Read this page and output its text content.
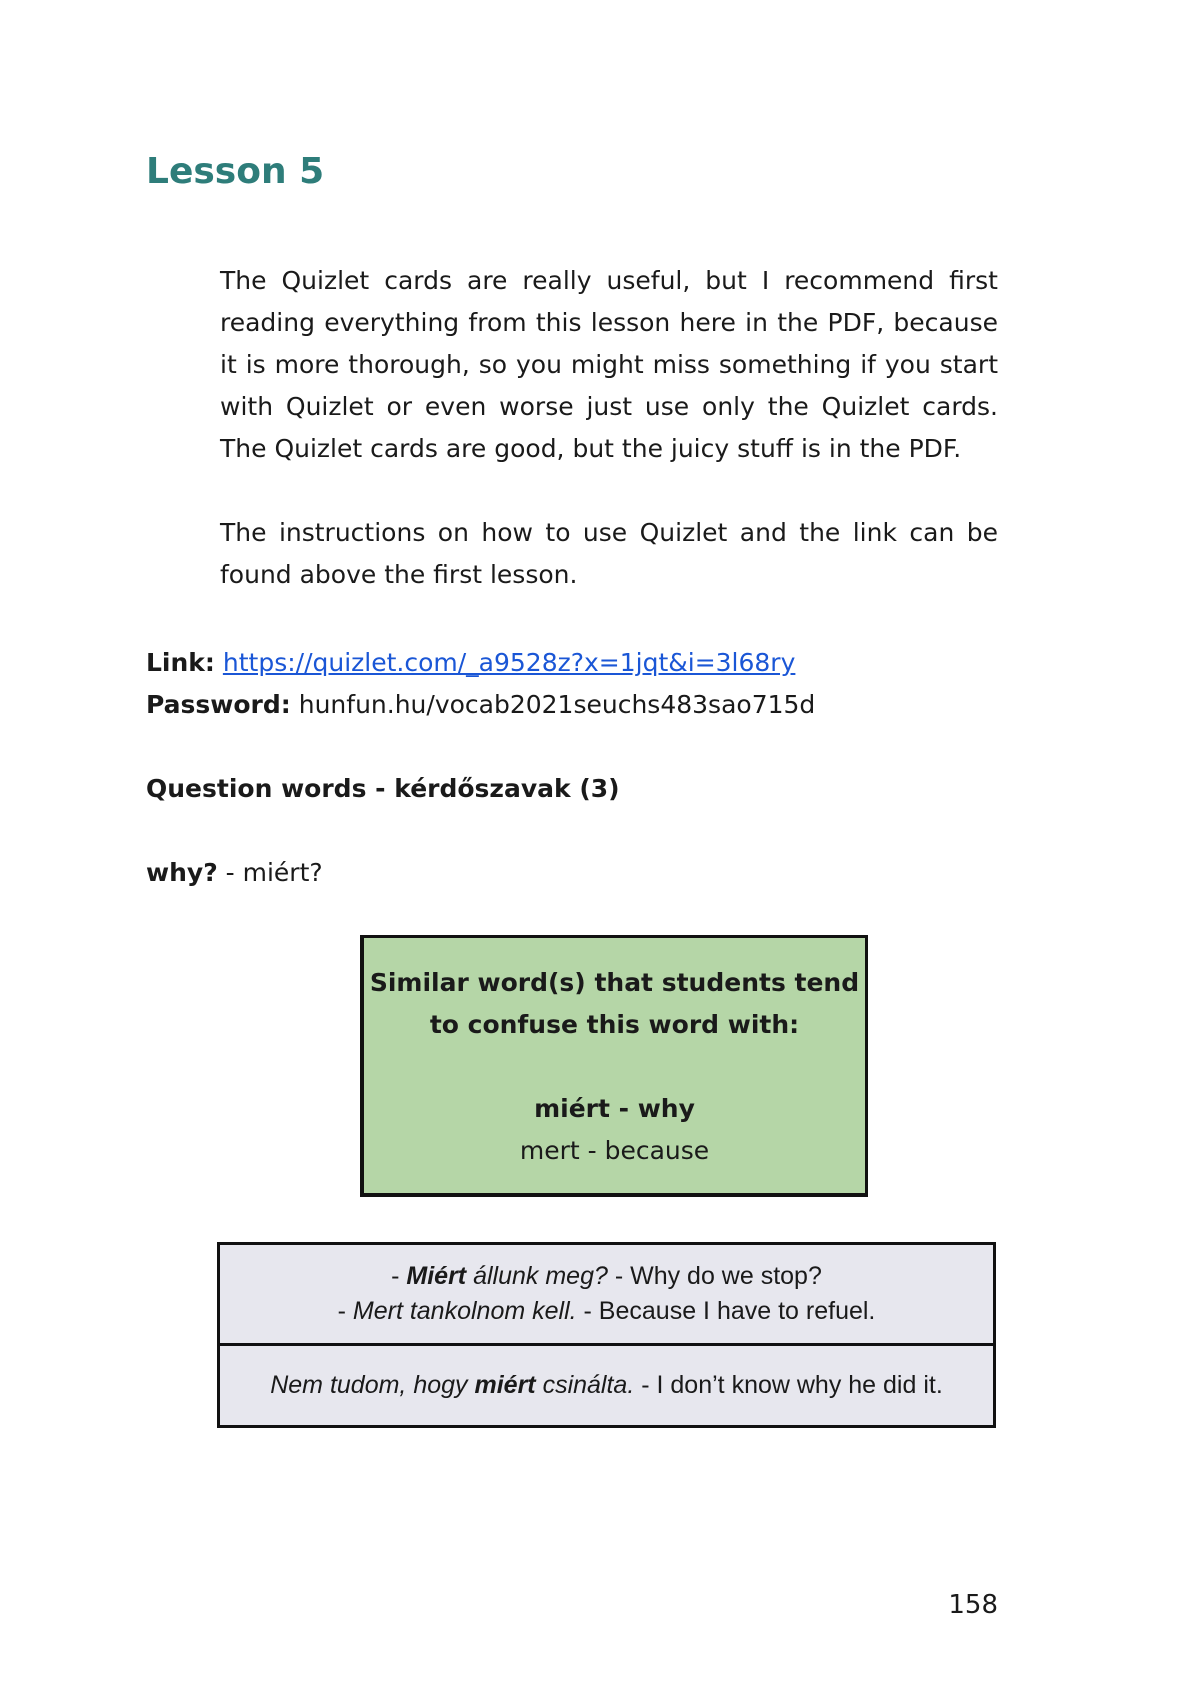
Lesson 5

The Quizlet cards are really useful, but I recommend first reading everything from this lesson here in the PDF, because it is more thorough, so you might miss something if you start with Quizlet or even worse just use only the Quizlet cards. The Quizlet cards are good, but the juicy stuff is in the PDF.

The instructions on how to use Quizlet and the link can be found above the first lesson.

Link: https://quizlet.com/_a9528z?x=1jqt&i=3l68ry

Password: hunfun.hu/vocab2021seuchs483sao715d

Question words - kérdőszavak (3)

why? - miért?

Similar word(s) that students tend

to confuse this word with:

miért - why

mert - because

- Miért állunk meg? - Why do we stop?
- Mert tankolnom kell. - Because I have to refuel.
Nem tudom, hogy miért csinálta. - I don’t know why he did it.

158
